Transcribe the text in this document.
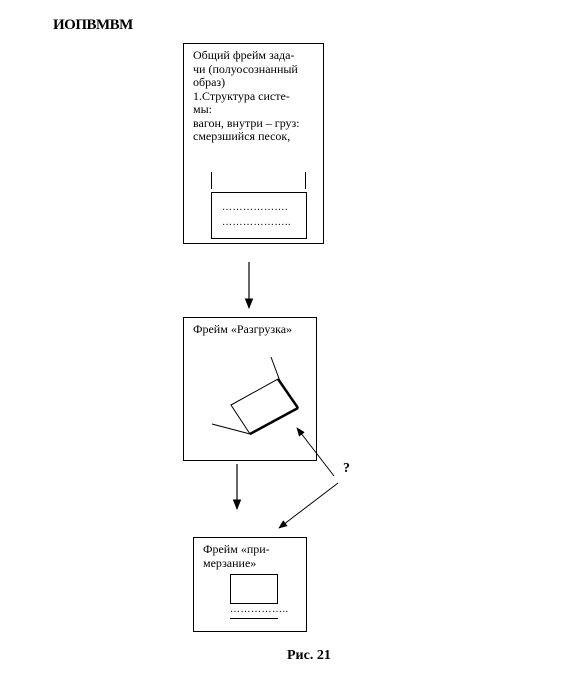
ИОПВМВМ
Общий фрейм зада-
чи (полуосознанный
образ)
1.Структура систе-
мы:
вагон, внутри – груз:
смерзшийся песок,
……………….
………………..
Фрейм «Разгрузка»
Фрейм «при-
мерзание»
……………..
?
Рис. 21
